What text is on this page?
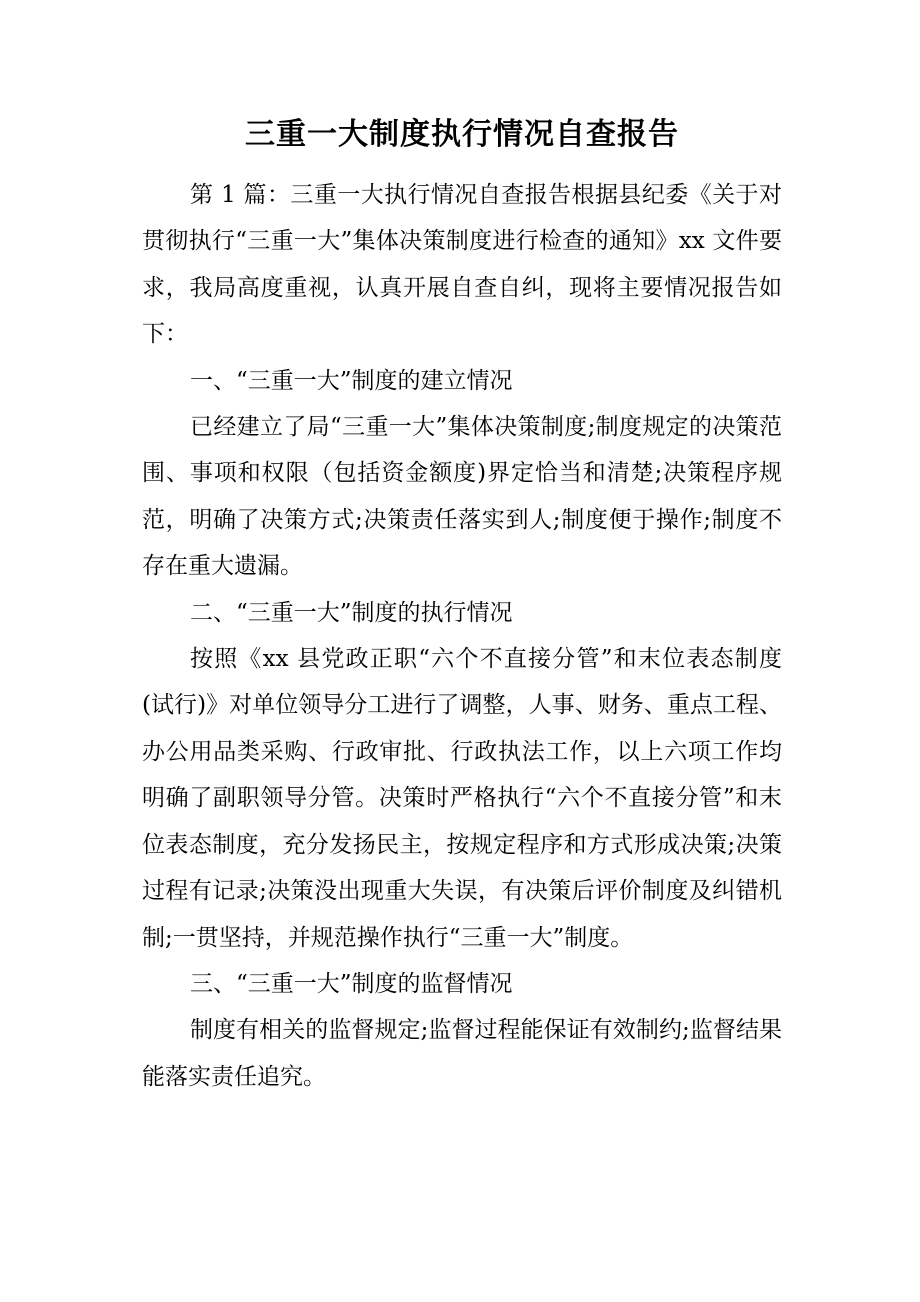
三重一大制度执行情况自查报告

第 1 篇：三重一大执行情况自查报告根据县纪委《关于对贯彻执行“三重一大”集体决策制度进行检查的通知》xx 文件要求，我局高度重视，认真开展自查自纠，现将主要情况报告如下：

一、“三重一大”制度的建立情况

已经建立了局“三重一大”集体决策制度;制度规定的决策范围、事项和权限（包括资金额度)界定恰当和清楚;决策程序规范，明确了决策方式;决策责任落实到人;制度便于操作;制度不存在重大遗漏。

二、“三重一大”制度的执行情况

按照《xx 县党政正职“六个不直接分管”和末位表态制度(试行)》对单位领导分工进行了调整，人事、财务、重点工程、办公用品类采购、行政审批、行政执法工作，以上六项工作均明确了副职领导分管。决策时严格执行“六个不直接分管”和末位表态制度，充分发扬民主，按规定程序和方式形成决策;决策过程有记录;决策没出现重大失误，有决策后评价制度及纠错机制;一贯坚持，并规范操作执行“三重一大”制度。

三、“三重一大”制度的监督情况

制度有相关的监督规定;监督过程能保证有效制约;监督结果能落实责任追究。
